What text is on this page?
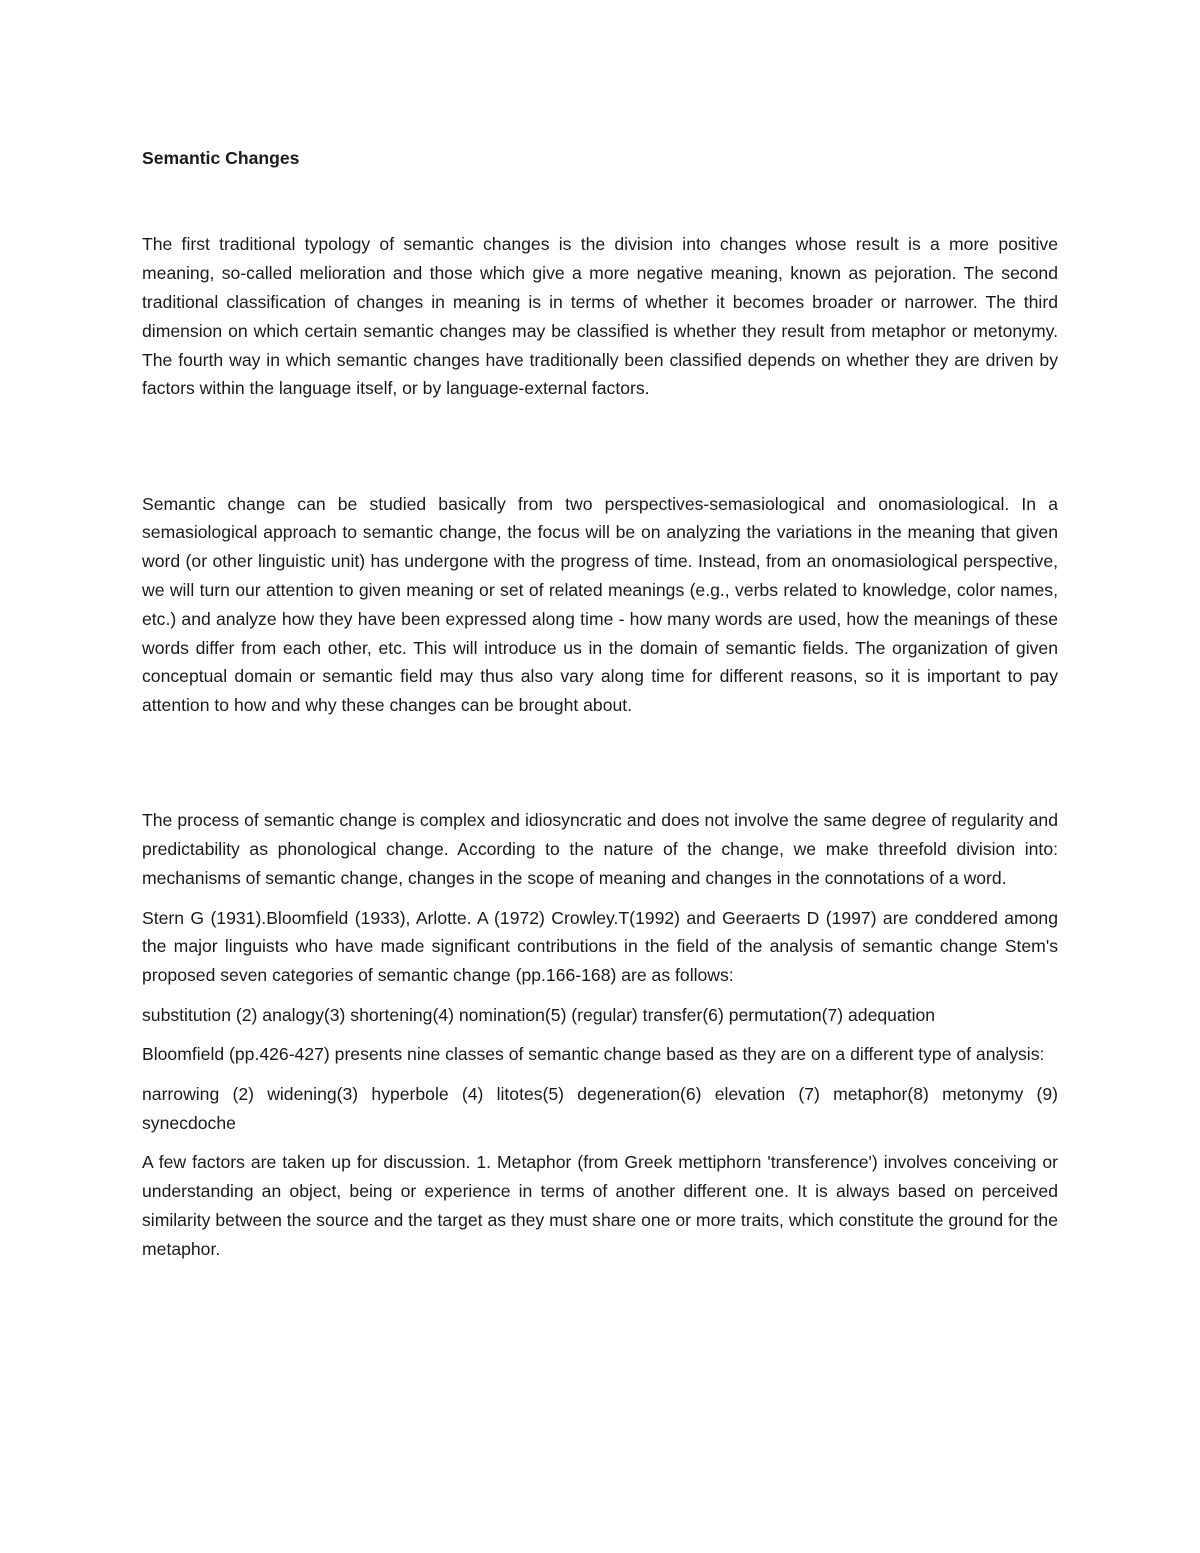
Semantic Changes

The first traditional typology of semantic changes is the division into changes whose result is a more positive meaning, so-called melioration and those which give a more negative meaning, known as pejoration. The second traditional classification of changes in meaning is in terms of whether it becomes broader or narrower. The third dimension on which certain semantic changes may be classified is whether they result from metaphor or metonymy. The fourth way in which semantic changes have traditionally been classified depends on whether they are driven by factors within the language itself, or by language-external factors.

Semantic change can be studied basically from two perspectives-semasiological and onomasiological. In a semasiological approach to semantic change, the focus will be on analyzing the variations in the meaning that given word (or other linguistic unit) has undergone with the progress of time. Instead, from an onomasiological perspective, we will turn our attention to given meaning or set of related meanings (e.g., verbs related to knowledge, color names, etc.) and analyze how they have been expressed along time - how many words are used, how the meanings of these words differ from each other, etc. This will introduce us in the domain of semantic fields. The organization of given conceptual domain or semantic field may thus also vary along time for different reasons, so it is important to pay attention to how and why these changes can be brought about.

The process of semantic change is complex and idiosyncratic and does not involve the same degree of regularity and predictability as phonological change. According to the nature of the change, we make threefold division into: mechanisms of semantic change, changes in the scope of meaning and changes in the connotations of a word.

Stern G (1931).Bloomfield (1933), Arlotte. A (1972) Crowley.T(1992) and Geeraerts D (1997) are conddered among the major linguists who have made significant contributions in the field of the analysis of semantic change Stem's proposed seven categories of semantic change (pp.166-168) are as follows:

substitution (2) analogy(3) shortening(4) nomination(5) (regular) transfer(6) permutation(7) adequation

Bloomfield (pp.426-427) presents nine classes of semantic change based as they are on a different type of analysis:

narrowing (2) widening(3) hyperbole (4) litotes(5) degeneration(6) elevation (7) metaphor(8) metonymy (9) synecdoche

A few factors are taken up for discussion. 1. Metaphor (from Greek mettiphorn 'transference') involves conceiving or understanding an object, being or experience in terms of another different one. It is always based on perceived similarity between the source and the target as they must share one or more traits, which constitute the ground for the metaphor.
